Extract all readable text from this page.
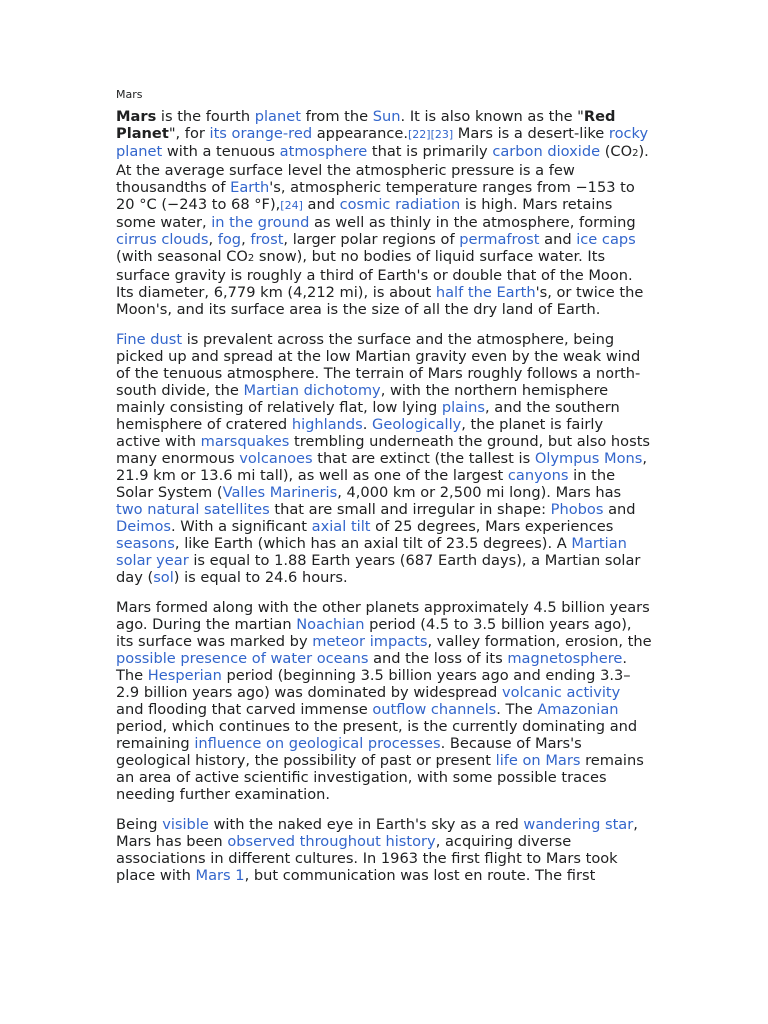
Mars

Mars is the fourth planet from the Sun. It is also known as the "Red Planet", for its orange-red appearance.[22][23] Mars is a desert-like rocky planet with a tenuous atmosphere that is primarily carbon dioxide (CO2). At the average surface level the atmospheric pressure is a few thousandths of Earth's, atmospheric temperature ranges from −153 to 20 °C (−243 to 68 °F),[24] and cosmic radiation is high. Mars retains some water, in the ground as well as thinly in the atmosphere, forming cirrus clouds, fog, frost, larger polar regions of permafrost and ice caps (with seasonal CO2 snow), but no bodies of liquid surface water. Its surface gravity is roughly a third of Earth's or double that of the Moon. Its diameter, 6,779 km (4,212 mi), is about half the Earth's, or twice the Moon's, and its surface area is the size of all the dry land of Earth.

Fine dust is prevalent across the surface and the atmosphere, being picked up and spread at the low Martian gravity even by the weak wind of the tenuous atmosphere. The terrain of Mars roughly follows a north-south divide, the Martian dichotomy, with the northern hemisphere mainly consisting of relatively flat, low lying plains, and the southern hemisphere of cratered highlands. Geologically, the planet is fairly active with marsquakes trembling underneath the ground, but also hosts many enormous volcanoes that are extinct (the tallest is Olympus Mons, 21.9 km or 13.6 mi tall), as well as one of the largest canyons in the Solar System (Valles Marineris, 4,000 km or 2,500 mi long). Mars has two natural satellites that are small and irregular in shape: Phobos and Deimos. With a significant axial tilt of 25 degrees, Mars experiences seasons, like Earth (which has an axial tilt of 23.5 degrees). A Martian solar year is equal to 1.88 Earth years (687 Earth days), a Martian solar day (sol) is equal to 24.6 hours.

Mars formed along with the other planets approximately 4.5 billion years ago. During the martian Noachian period (4.5 to 3.5 billion years ago), its surface was marked by meteor impacts, valley formation, erosion, the possible presence of water oceans and the loss of its magnetosphere. The Hesperian period (beginning 3.5 billion years ago and ending 3.3–2.9 billion years ago) was dominated by widespread volcanic activity and flooding that carved immense outflow channels. The Amazonian period, which continues to the present, is the currently dominating and remaining influence on geological processes. Because of Mars's geological history, the possibility of past or present life on Mars remains an area of active scientific investigation, with some possible traces needing further examination.

Being visible with the naked eye in Earth's sky as a red wandering star, Mars has been observed throughout history, acquiring diverse associations in different cultures. In 1963 the first flight to Mars took place with Mars 1, but communication was lost en route. The first
